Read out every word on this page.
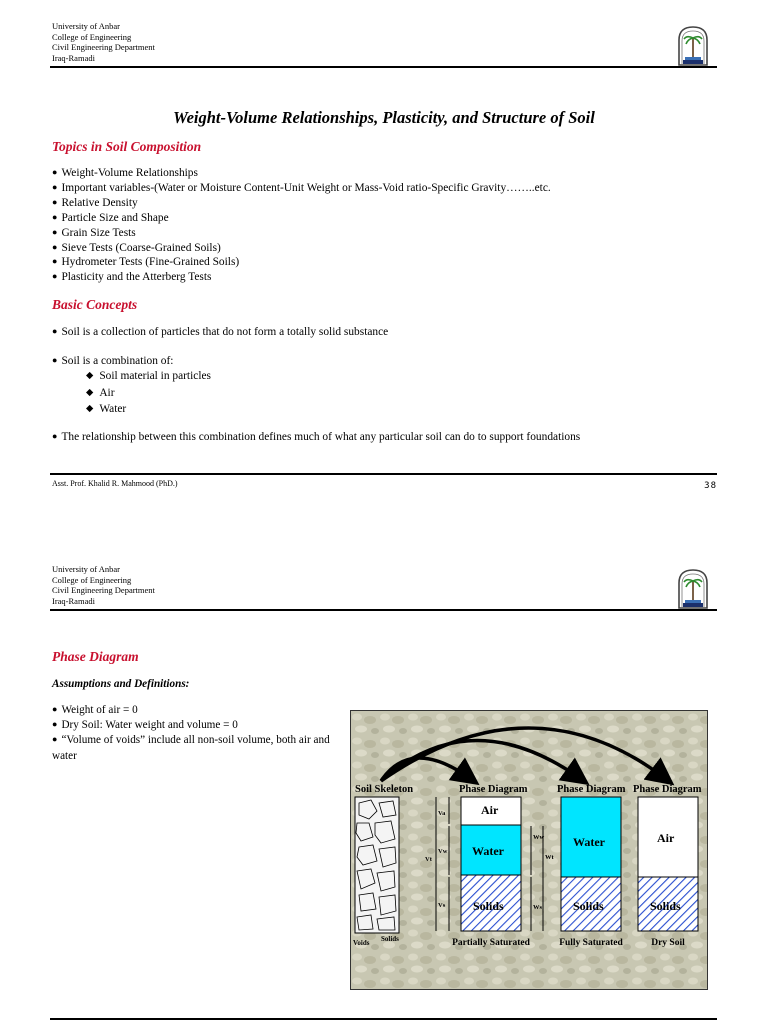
University of Anbar
College of Engineering
Civil Engineering Department
Iraq-Ramadi
Weight-Volume Relationships, Plasticity, and Structure of Soil
Topics in Soil Composition
● Weight-Volume Relationships
● Important variables-(Water or Moisture Content-Unit Weight or Mass-Void ratio-Specific Gravity……..etc.
● Relative Density
● Particle Size and Shape
● Grain Size Tests
● Sieve Tests (Coarse-Grained Soils)
● Hydrometer Tests (Fine-Grained Soils)
● Plasticity and the Atterberg Tests
Basic Concepts
● Soil is a collection of particles that do not form a totally solid substance
● Soil is a combination of:
◆ Soil material in particles
◆ Air
◆ Water
● The relationship between this combination defines much of what any particular soil can do to support foundations
Asst. Prof. Khalid R. Mahmood (PhD.)	38
University of Anbar
College of Engineering
Civil Engineering Department
Iraq-Ramadi
Phase Diagram
Assumptions and Definitions:
● Weight of air = 0
● Dry Soil: Water weight and volume = 0
● “Volume of voids” include all non-soil volume, both air and water
Soil Skeleton	Phase Diagram	Phase Diagram Phase Diagram
Voids Solids
Va
Vw
Vt
Vs
Air
Water
Solids
Ww
Wt
Ws
Water
Solids
Air
Solids
Partially Saturated	Fully Saturated	Dry Soil
